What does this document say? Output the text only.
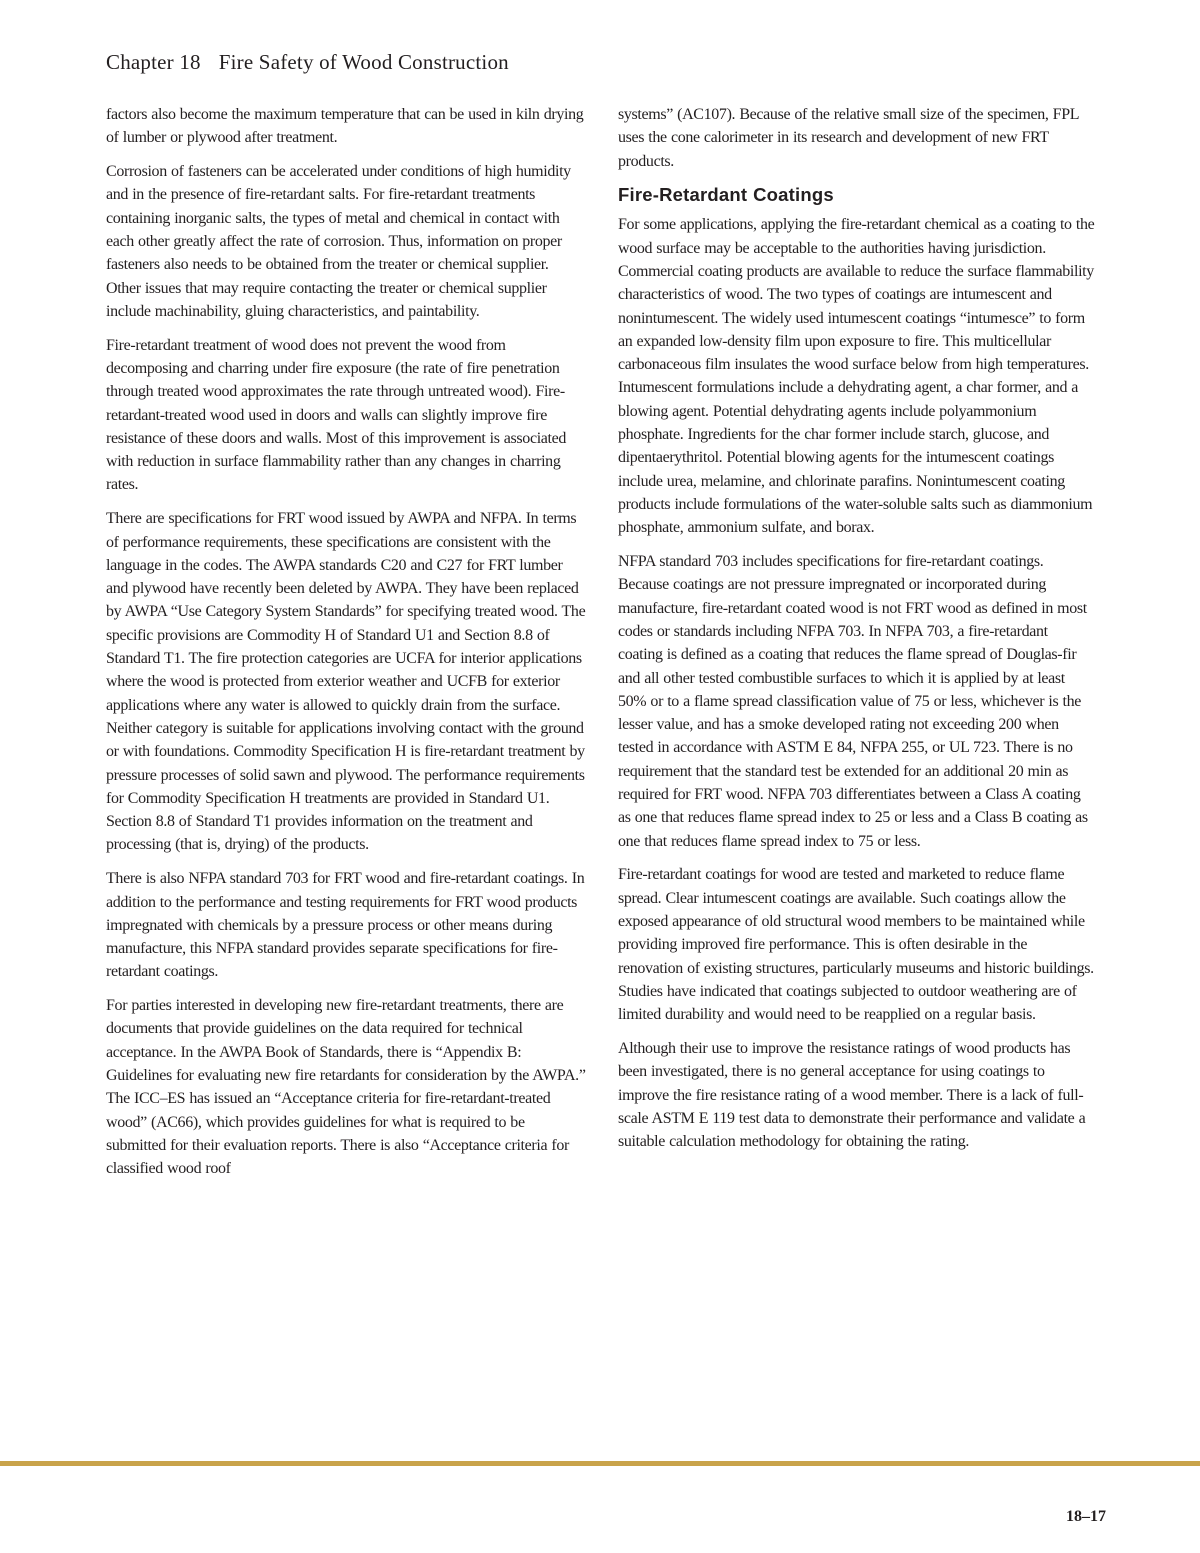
Chapter 18 Fire Safety of Wood Construction

factors also become the maximum temperature that can be used in kiln drying of lumber or plywood after treatment.

Corrosion of fasteners can be accelerated under conditions of high humidity and in the presence of fire-retardant salts. For fire-retardant treatments containing inorganic salts, the types of metal and chemical in contact with each other greatly affect the rate of corrosion. Thus, information on proper fasteners also needs to be obtained from the treater or chemical supplier. Other issues that may require contacting the treater or chemical supplier include machinability, gluing characteristics, and paintability.

Fire-retardant treatment of wood does not prevent the wood from decomposing and charring under fire exposure (the rate of fire penetration through treated wood approximates the rate through untreated wood). Fire-retardant-treated wood used in doors and walls can slightly improve fire resistance of these doors and walls. Most of this improvement is associated with reduction in surface flammability rather than any changes in charring rates.

There are specifications for FRT wood issued by AWPA and NFPA. In terms of performance requirements, these specifications are consistent with the language in the codes. The AWPA standards C20 and C27 for FRT lumber and plywood have recently been deleted by AWPA. They have been replaced by AWPA “Use Category System Standards” for specifying treated wood. The specific provisions are Commodity H of Standard U1 and Section 8.8 of Standard T1. The fire protection categories are UCFA for interior applications where the wood is protected from exterior weather and UCFB for exterior applications where any water is allowed to quickly drain from the surface. Neither category is suitable for applications involving contact with the ground or with foundations. Commodity Specification H is fire-retardant treatment by pressure processes of solid sawn and plywood. The performance requirements for Commodity Specification H treatments are provided in Standard U1. Section 8.8 of Standard T1 provides information on the treatment and processing (that is, drying) of the products.

There is also NFPA standard 703 for FRT wood and fire-retardant coatings. In addition to the performance and testing requirements for FRT wood products impregnated with chemicals by a pressure process or other means during manufacture, this NFPA standard provides separate specifications for fire-retardant coatings.

For parties interested in developing new fire-retardant treatments, there are documents that provide guidelines on the data required for technical acceptance. In the AWPA Book of Standards, there is “Appendix B: Guidelines for evaluating new fire retardants for consideration by the AWPA.” The ICC–ES has issued an “Acceptance criteria for fire-retardant-treated wood” (AC66), which provides guidelines for what is required to be submitted for their evaluation reports. There is also “Acceptance criteria for classified wood roof

systems” (AC107). Because of the relative small size of the specimen, FPL uses the cone calorimeter in its research and development of new FRT products.

Fire-Retardant Coatings

For some applications, applying the fire-retardant chemical as a coating to the wood surface may be acceptable to the authorities having jurisdiction. Commercial coating products are available to reduce the surface flammability characteristics of wood. The two types of coatings are intumescent and nonintumescent. The widely used intumescent coatings “intumesce” to form an expanded low-density film upon exposure to fire. This multicellular carbonaceous film insulates the wood surface below from high temperatures. Intumescent formulations include a dehydrating agent, a char former, and a blowing agent. Potential dehydrating agents include polyammonium phosphate. Ingredients for the char former include starch, glucose, and dipentaerythritol. Potential blowing agents for the intumescent coatings include urea, melamine, and chlorinate parafins. Nonintumescent coating products include formulations of the water-soluble salts such as diammonium phosphate, ammonium sulfate, and borax.

NFPA standard 703 includes specifications for fire-retardant coatings. Because coatings are not pressure impregnated or incorporated during manufacture, fire-retardant coated wood is not FRT wood as defined in most codes or standards including NFPA 703. In NFPA 703, a fire-retardant coating is defined as a coating that reduces the flame spread of Douglas-fir and all other tested combustible surfaces to which it is applied by at least 50% or to a flame spread classification value of 75 or less, whichever is the lesser value, and has a smoke developed rating not exceeding 200 when tested in accordance with ASTM E 84, NFPA 255, or UL 723. There is no requirement that the standard test be extended for an additional 20 min as required for FRT wood. NFPA 703 differentiates between a Class A coating as one that reduces flame spread index to 25 or less and a Class B coating as one that reduces flame spread index to 75 or less.

Fire-retardant coatings for wood are tested and marketed to reduce flame spread. Clear intumescent coatings are available. Such coatings allow the exposed appearance of old structural wood members to be maintained while providing improved fire performance. This is often desirable in the renovation of existing structures, particularly museums and historic buildings. Studies have indicated that coatings subjected to outdoor weathering are of limited durability and would need to be reapplied on a regular basis.

Although their use to improve the resistance ratings of wood products has been investigated, there is no general acceptance for using coatings to improve the fire resistance rating of a wood member. There is a lack of full-scale ASTM E 119 test data to demonstrate their performance and validate a suitable calculation methodology for obtaining the rating.

18–17
